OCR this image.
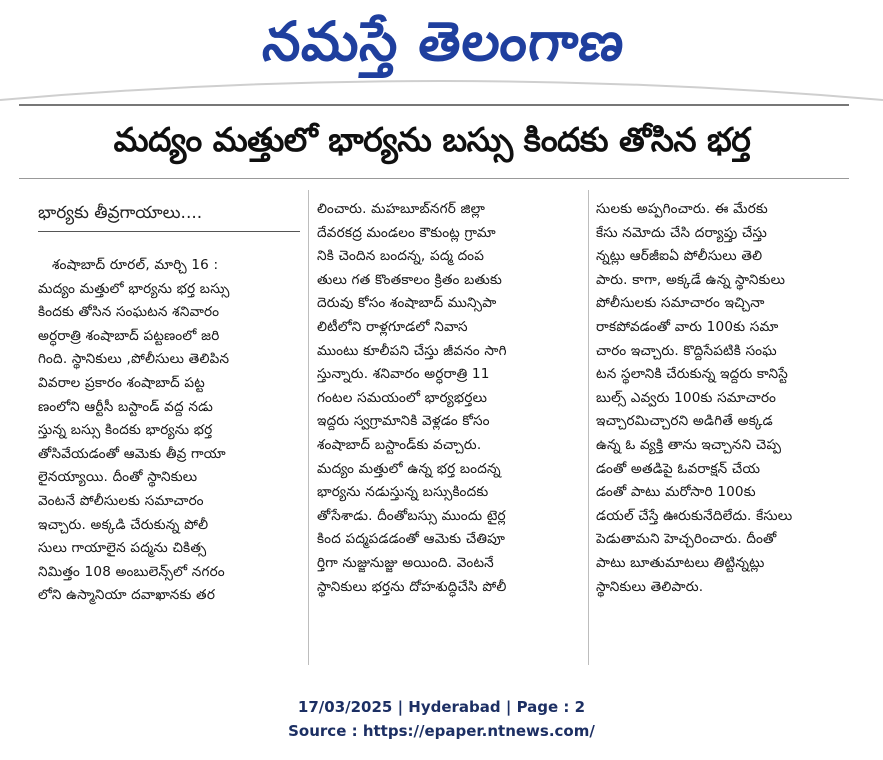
నమస్తే తెలంగాణ
మద్యం మత్తులో భార్యను బస్సు కిందకు తోసిన భర్త
భార్యకు తీవ్రగాయాలు....
శంషాబాద్‌ రూరల్‌, మార్చి 16 :
మద్యం మత్తులో భార్యను భర్త బస్సు
కిందకు తోసిన సంఘటన శనివారం
అర్ధరాత్రి శంషాబాద్‌ పట్టణంలో జరి
గింది. స్థానికులు ,పోలీసులు తెలిపిన
వివరాల ప్రకారం శంషాబాద్‌ పట్ట
ణంలోని ఆర్టీసీ బస్టాండ్‌ వద్ద నడు
స్తున్న బస్సు కిందకు భార్యను భర్త
తోసివేయడంతో ఆమెకు తీవ్ర గాయా
లైనయ్యాయి. దీంతో స్థానికులు
వెంటనే పోలీసులకు సమాచారం
ఇచ్చారు. అక్కడి చేరుకున్న పోలీ
సులు గాయాలైన పద్మను చికిత్స
నిమిత్తం 108 అంబులెన్స్‌లో నగరం
లోని ఉస్మానియా దవాఖానకు తర
లించారు. మహబూబ్‌నగర్‌ జిల్లా
దేవరకద్ర మండలం కౌకుంట్ల గ్రామా
నికి చెందిన బందన్న, పద్మ దంప
తులు గత కొంతకాలం క్రితం బతుకు
దెరువు కోసం శంషాబాద్‌ మున్సిపా
లిటీలోని రాళ్లగూడలో నివాస
ముంటు కూలీపని చేస్తు జీవనం సాగి
స్తున్నారు. శనివారం అర్ధరాత్రి 11
గంటల సమయంలో భార్యభర్తలు
ఇద్దరు స్వగ్రామానికి వెళ్లడం కోసం
శంషాబాద్‌ బస్టాండ్‌కు వచ్చారు.
మద్యం మత్తులో ఉన్న భర్త బందన్న
భార్యను నడుస్తున్న బస్సుకిందకు
తోసేశాడు. దీంతోబస్సు ముందు టైర్ల
కింద పద్మపడడంతో ఆమెకు చేతిపూ
ర్తిగా నుజ్జునుజ్జు అయింది. వెంటనే
స్థానికులు భర్తను దోహశుద్ధిచేసి పోలీ
సులకు అప్పగించారు. ఈ మేరకు
కేసు నమోదు చేసి దర్యాప్తు చేస్తు
న్నట్లు ఆర్‌జీఐఏ పోలీసులు తెలి
పారు. కాగా, అక్కడే ఉన్న స్థానికులు
పోలీసులకు సమాచారం ఇచ్చినా
రాకపోవడంతో వారు 100కు సమా
చారం ఇచ్చారు. కొద్దిసేపటికి సంఘ
టన స్థలానికి చేరుకున్న ఇద్దరు కానిస్టే
బుల్స్‌ ఎవ్వరు 100కు సమాచారం
ఇచ్చారమిచ్చారని అడిగితే అక్కడ
ఉన్న ఓ వ్యక్తి తాను ఇచ్చానని చెప్ప
డంతో అతడిపై ఓవరాక్షన్‌ చేయ
డంతో పాటు మరోసారి 100కు
డయల్‌ చేస్తే ఊరుకునేదిలేదు. కేసులు
పెడుతామని హెచ్చరించారు. దీంతో
పాటు బూతుమాటలు తిట్టిన్నట్లు
స్థానికులు తెలిపారు.
17/03/2025 | Hyderabad | Page : 2
Source : https://epaper.ntnews.com/
